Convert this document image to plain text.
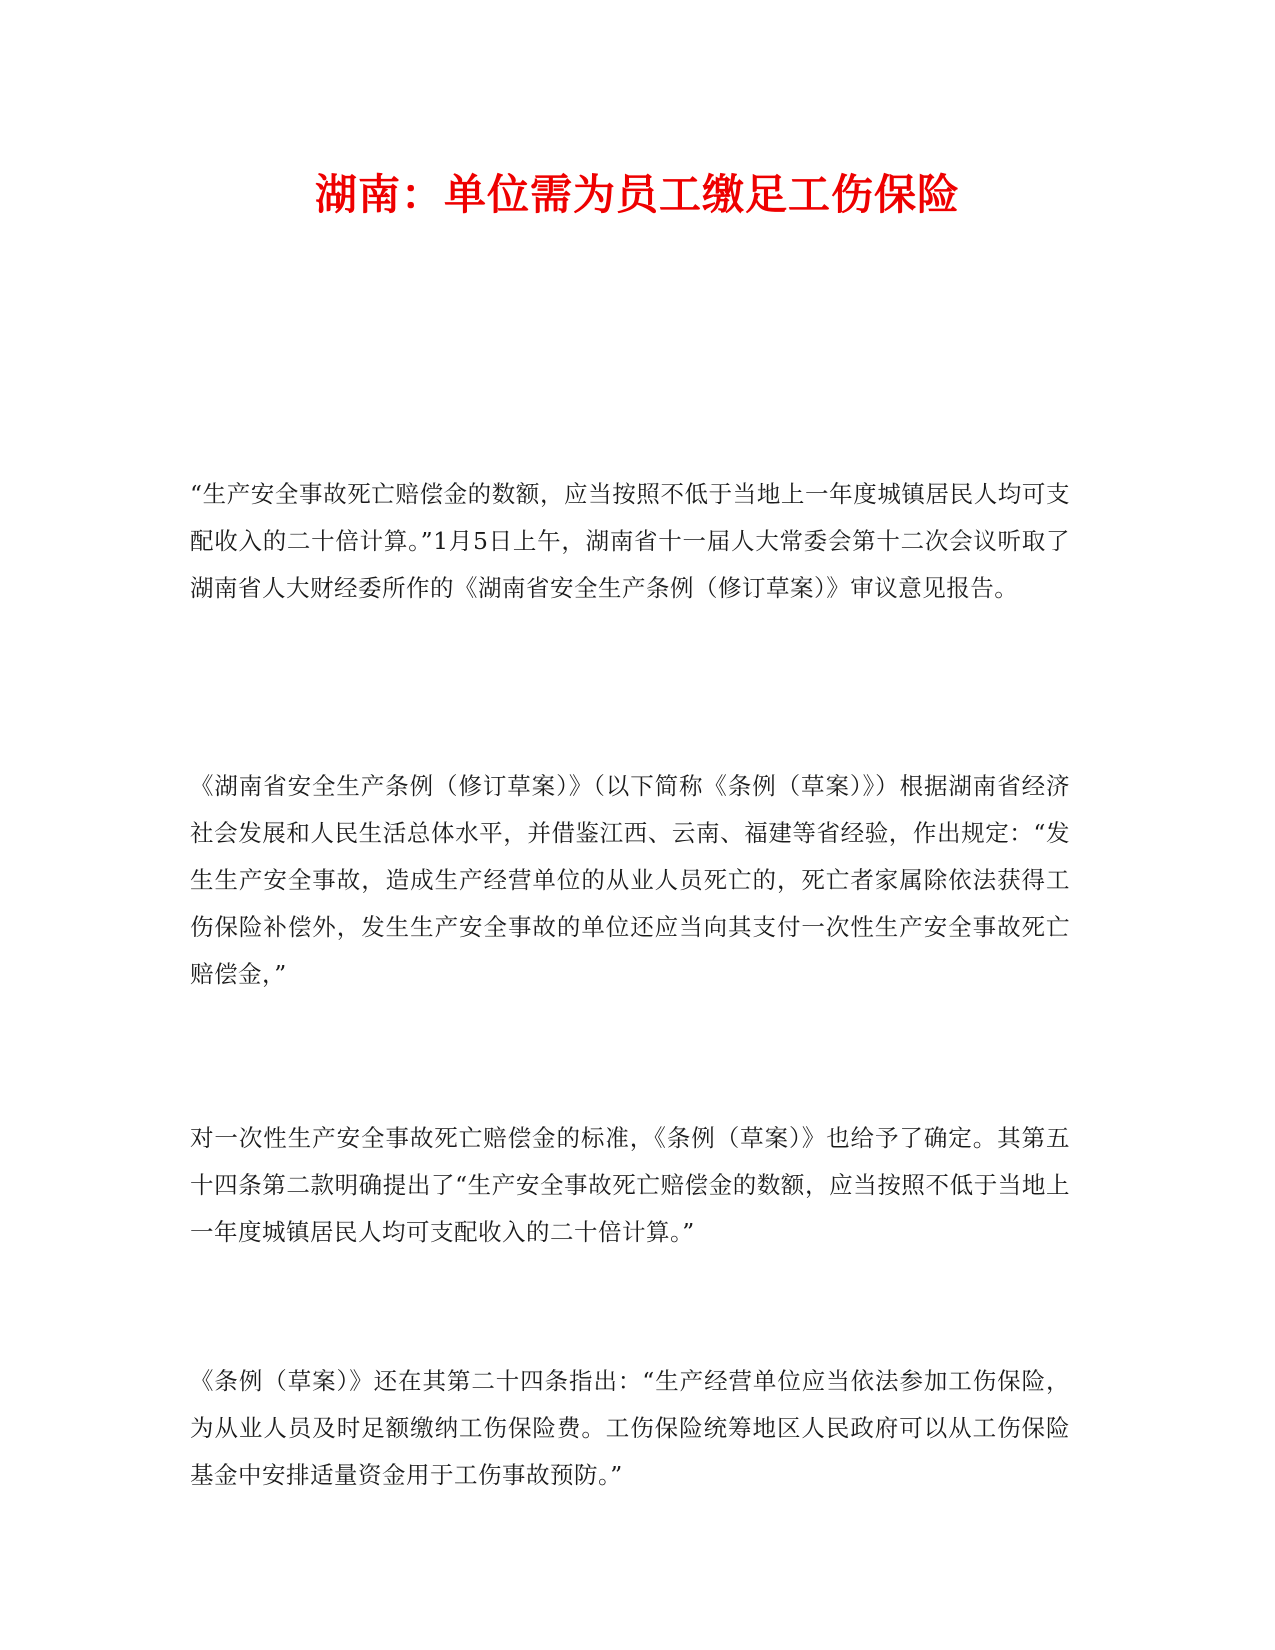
湖南：单位需为员工缴足工伤保险

“生产安全事故死亡赔偿金的数额，应当按照不低于当地上一年度城镇居民人均可支配收入的二十倍计算。”1月5日上午，湖南省十一届人大常委会第十二次会议听取了湖南省人大财经委所作的《湖南省安全生产条例（修订草案）》审议意见报告。

《湖南省安全生产条例（修订草案）》（以下简称《条例（草案）》）根据湖南省经济社会发展和人民生活总体水平，并借鉴江西、云南、福建等省经验，作出规定：“发生生产安全事故，造成生产经营单位的从业人员死亡的，死亡者家属除依法获得工伤保险补偿外，发生生产安全事故的单位还应当向其支付一次性生产安全事故死亡赔偿金，”

对一次性生产安全事故死亡赔偿金的标准，《条例（草案）》也给予了确定。其第五十四条第二款明确提出了“生产安全事故死亡赔偿金的数额，应当按照不低于当地上一年度城镇居民人均可支配收入的二十倍计算。”

《条例（草案）》还在其第二十四条指出：“生产经营单位应当依法参加工伤保险，为从业人员及时足额缴纳工伤保险费。工伤保险统筹地区人民政府可以从工伤保险基金中安排适量资金用于工伤事故预防。”
